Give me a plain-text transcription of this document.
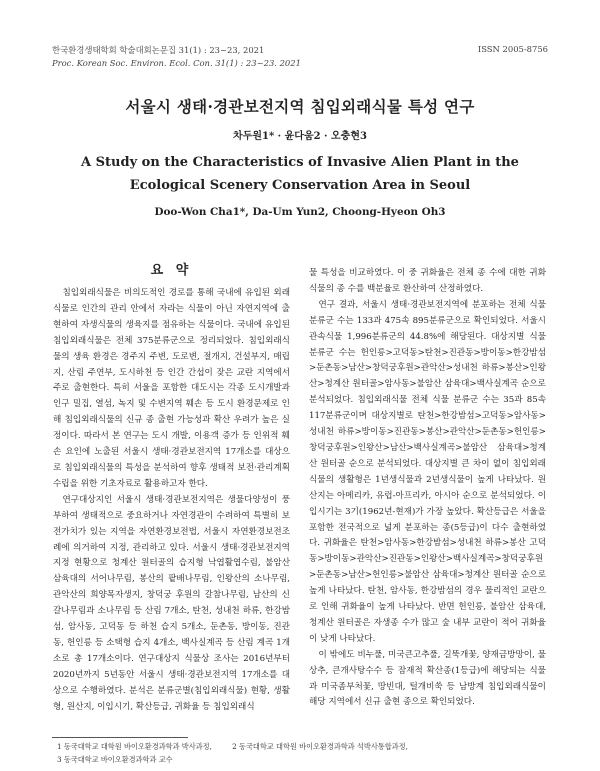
한국환경생태학회 학술대회논문집 31(1) : 23~23, 2021
Proc. Korean Soc. Environ. Ecol. Con. 31(1) : 23~23. 2021
ISSN 2005-8756
서울시 생태·경관보전지역 침입외래식물 특성 연구
차두원1* · 윤다움2 · 오충현3
A Study on the Characteristics of Invasive Alien Plant in the Ecological Scenery Conservation Area in Seoul
Doo-Won Cha1*, Da-Um Yun2, Choong-Hyeon Oh3
요 약

침입외래식물은 비의도적인 경로를 통해 국내에 유입된 외래식물로 인간의 관리 안에서 자라는 식물이 아닌 자연지역에 출현하여 자생식물의 생육지를 점유하는 식물이다. 국내에 유입된 침입외래식물은 전체 375분류군으로 정리되었다. 침입외래식물의 생육 환경은 경주지 주변, 도로변, 절개지, 건설부지, 매립지, 산림 주연부, 도시하천 등 인간 간섭이 잦은 교란 지역에서 주로 출현한다. 특히 서울을 포함한 대도시는 각종 도시개발과 인구 밀집, 열섬, 녹지 및 수변지역 훼손 등 도시 환경문제로 인해 침입외래식물의 신규 종 출현 가능성과 확산 우려가 높은 실정이다. 따라서 본 연구는 도시 개발, 이용객 증가 등 인위적 훼손 요인에 노출된 서울시 생태·경관보전지역 17개소를 대상으로 침입외래식물의 특성을 분석하여 향후 생태적 보전·관리계획 수립을 위한 기초자료로 활용하고자 한다.

연구대상지인 서울시 생태·경관보전지역은 생물다양성이 풍부하여 생태적으로 중요하거나 자연경관이 수려하여 특별히 보전가치가 있는 지역을 자연환경보전법, 서울시 자연환경보전조례에 의거하여 지정, 관리하고 있다. 서울시 생태·경관보전지역 지정 현황으로 청계산 원터골의 습지형 낙엽활엽수림, 불암산 삼육대의 서어나무림, 봉산의 팥배나무림, 인왕산의 소나무림, 관악산의 희양목자생지, 창덕궁 후원의 갈참나무림, 남산의 신갈나무림과 소나무림 등 산림 7개소, 탄천, 성내천 하류, 한강밤섬, 암사동, 고덕동 등 하천 습지 5개소, 둔촌동, 방이동, 진관동, 헌인릉 등 소택형 습지 4개소, 백사실계곡 등 산림 계곡 1개소로 총 17개소이다. 연구대상지 식물상 조사는 2016년부터 2020년까지 5년동안 서울시 생태·경관보전지역 17개소를 대상으로 수행하였다. 분석은 분류군별(침입외래식물) 현황, 생활형, 원산지, 이입시기, 확산등급, 귀화율 등 침입외래식

물 특성을 비교하였다. 이 중 귀화율은 전체 종 수에 대한 귀화식물의 종 수를 백분율로 환산하여 산정하였다.

연구 결과, 서울시 생태·경관보전지역에 분포하는 전체 식물 분류군 수는 133과 475속 895분류군으로 확인되었다. 서울시 관속식물 1,996분류군의 44.8%에 해당된다. 대상지별 식물 분류군 수는 헌인릉>고덕동>탄천>진관동>방이동>한강밤섬>둔촌동>남산>창덕궁후원>관악산>성내천 하류>봉산>인왕산>청계산 원터골>암사동>불암산 삼육대>백사실계곡 순으로 분석되었다. 침입외래식물 전체 식물 분류군 수는 35과 85속 117분류군이며 대상지별로 탄천>한강밤섬>고덕동>암사동>성내천 하류>방이동>진관동>봉산>관악산>둔촌동>헌인릉>창덕궁후원>인왕산>남산>백사실계곡>불암산 삼육대>청계산 원터골 순으로 분석되었다. 대상지별 큰 차이 없이 침입외래식물의 생활형은 1년생식물과 2년생식물이 높게 나타났다. 원산지는 아메리카, 유럽-아프리카, 아시아 순으로 분석되었다. 이입시기는 3기(1962년-현재)가 가장 높았다. 확산등급은 서울을 포함한 전국적으로 넓게 분포하는 종(5등급)이 다수 출현하였다. 귀화율은 탄천>암사동>한강밤섬>성내천 하류>봉산 고덕동>방이동>관악산>진관동>인왕산>백사실계곡>창덕궁후원>둔촌동>남산>헌인릉>불암산 삼육대>청계산 원터골 순으로 높게 나타났다. 탄천, 암사동, 한강밤섬의 경우 물리적인 교란으로 인해 귀화율이 높게 나타났다. 반면 헌인릉, 불암산 삼육대, 청계산 원터골은 자생종 수가 많고 숲 내부 교란이 적어 귀화율이 낮게 나타났다.

이 밖에도 비누풀, 미국큰고추풀, 길뚝개꽃, 양재금방망이, 물상추, 큰개사탕수수 등 잠재적 확산종(1등급)에 해당되는 식물과 미국좀부처꽃, 땅빈대, 털개비쑥 등 남방계 침입외래식물이 해당 지역에서 신규 출현 종으로 확인되었다.

1 동국대학교 대학원 바이오환경과학과 박사과정,	2 동국대학교 대학원 바이오환경과학과 석박사통합과정,
3 동국대학교 바이오환경과학과 교수
